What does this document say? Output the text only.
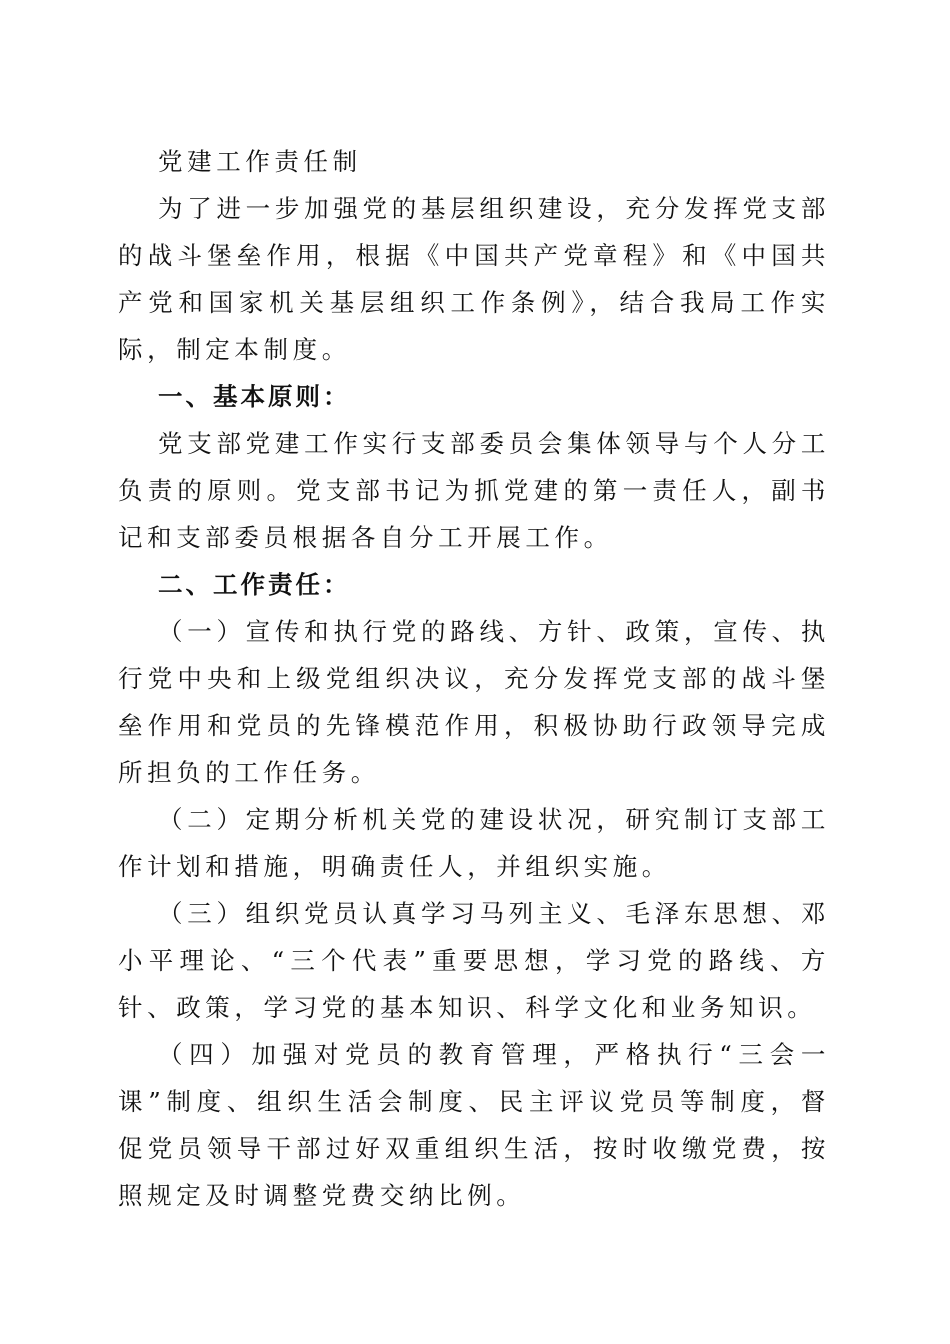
党建工作责任制

为了进一步加强党的基层组织建设，充分发挥党支部的战斗堡垒作用，根据《中国共产党章程》和《中国共产党和国家机关基层组织工作条例》，结合我局工作实际，制定本制度。

一、基本原则：

党支部党建工作实行支部委员会集体领导与个人分工负责的原则。党支部书记为抓党建的第一责任人，副书记和支部委员根据各自分工开展工作。

二、工作责任：

（一）宣传和执行党的路线、方针、政策，宣传、执行党中央和上级党组织决议，充分发挥党支部的战斗堡垒作用和党员的先锋模范作用，积极协助行政领导完成所担负的工作任务。

（二）定期分析机关党的建设状况，研究制订支部工作计划和措施，明确责任人，并组织实施。

（三）组织党员认真学习马列主义、毛泽东思想、邓小平理论、“三个代表”重要思想，学习党的路线、方针、政策，学习党的基本知识、科学文化和业务知识。

（四）加强对党员的教育管理，严格执行“三会一课”制度、组织生活会制度、民主评议党员等制度，督促党员领导干部过好双重组织生活，按时收缴党费，按照规定及时调整党费交纳比例。
